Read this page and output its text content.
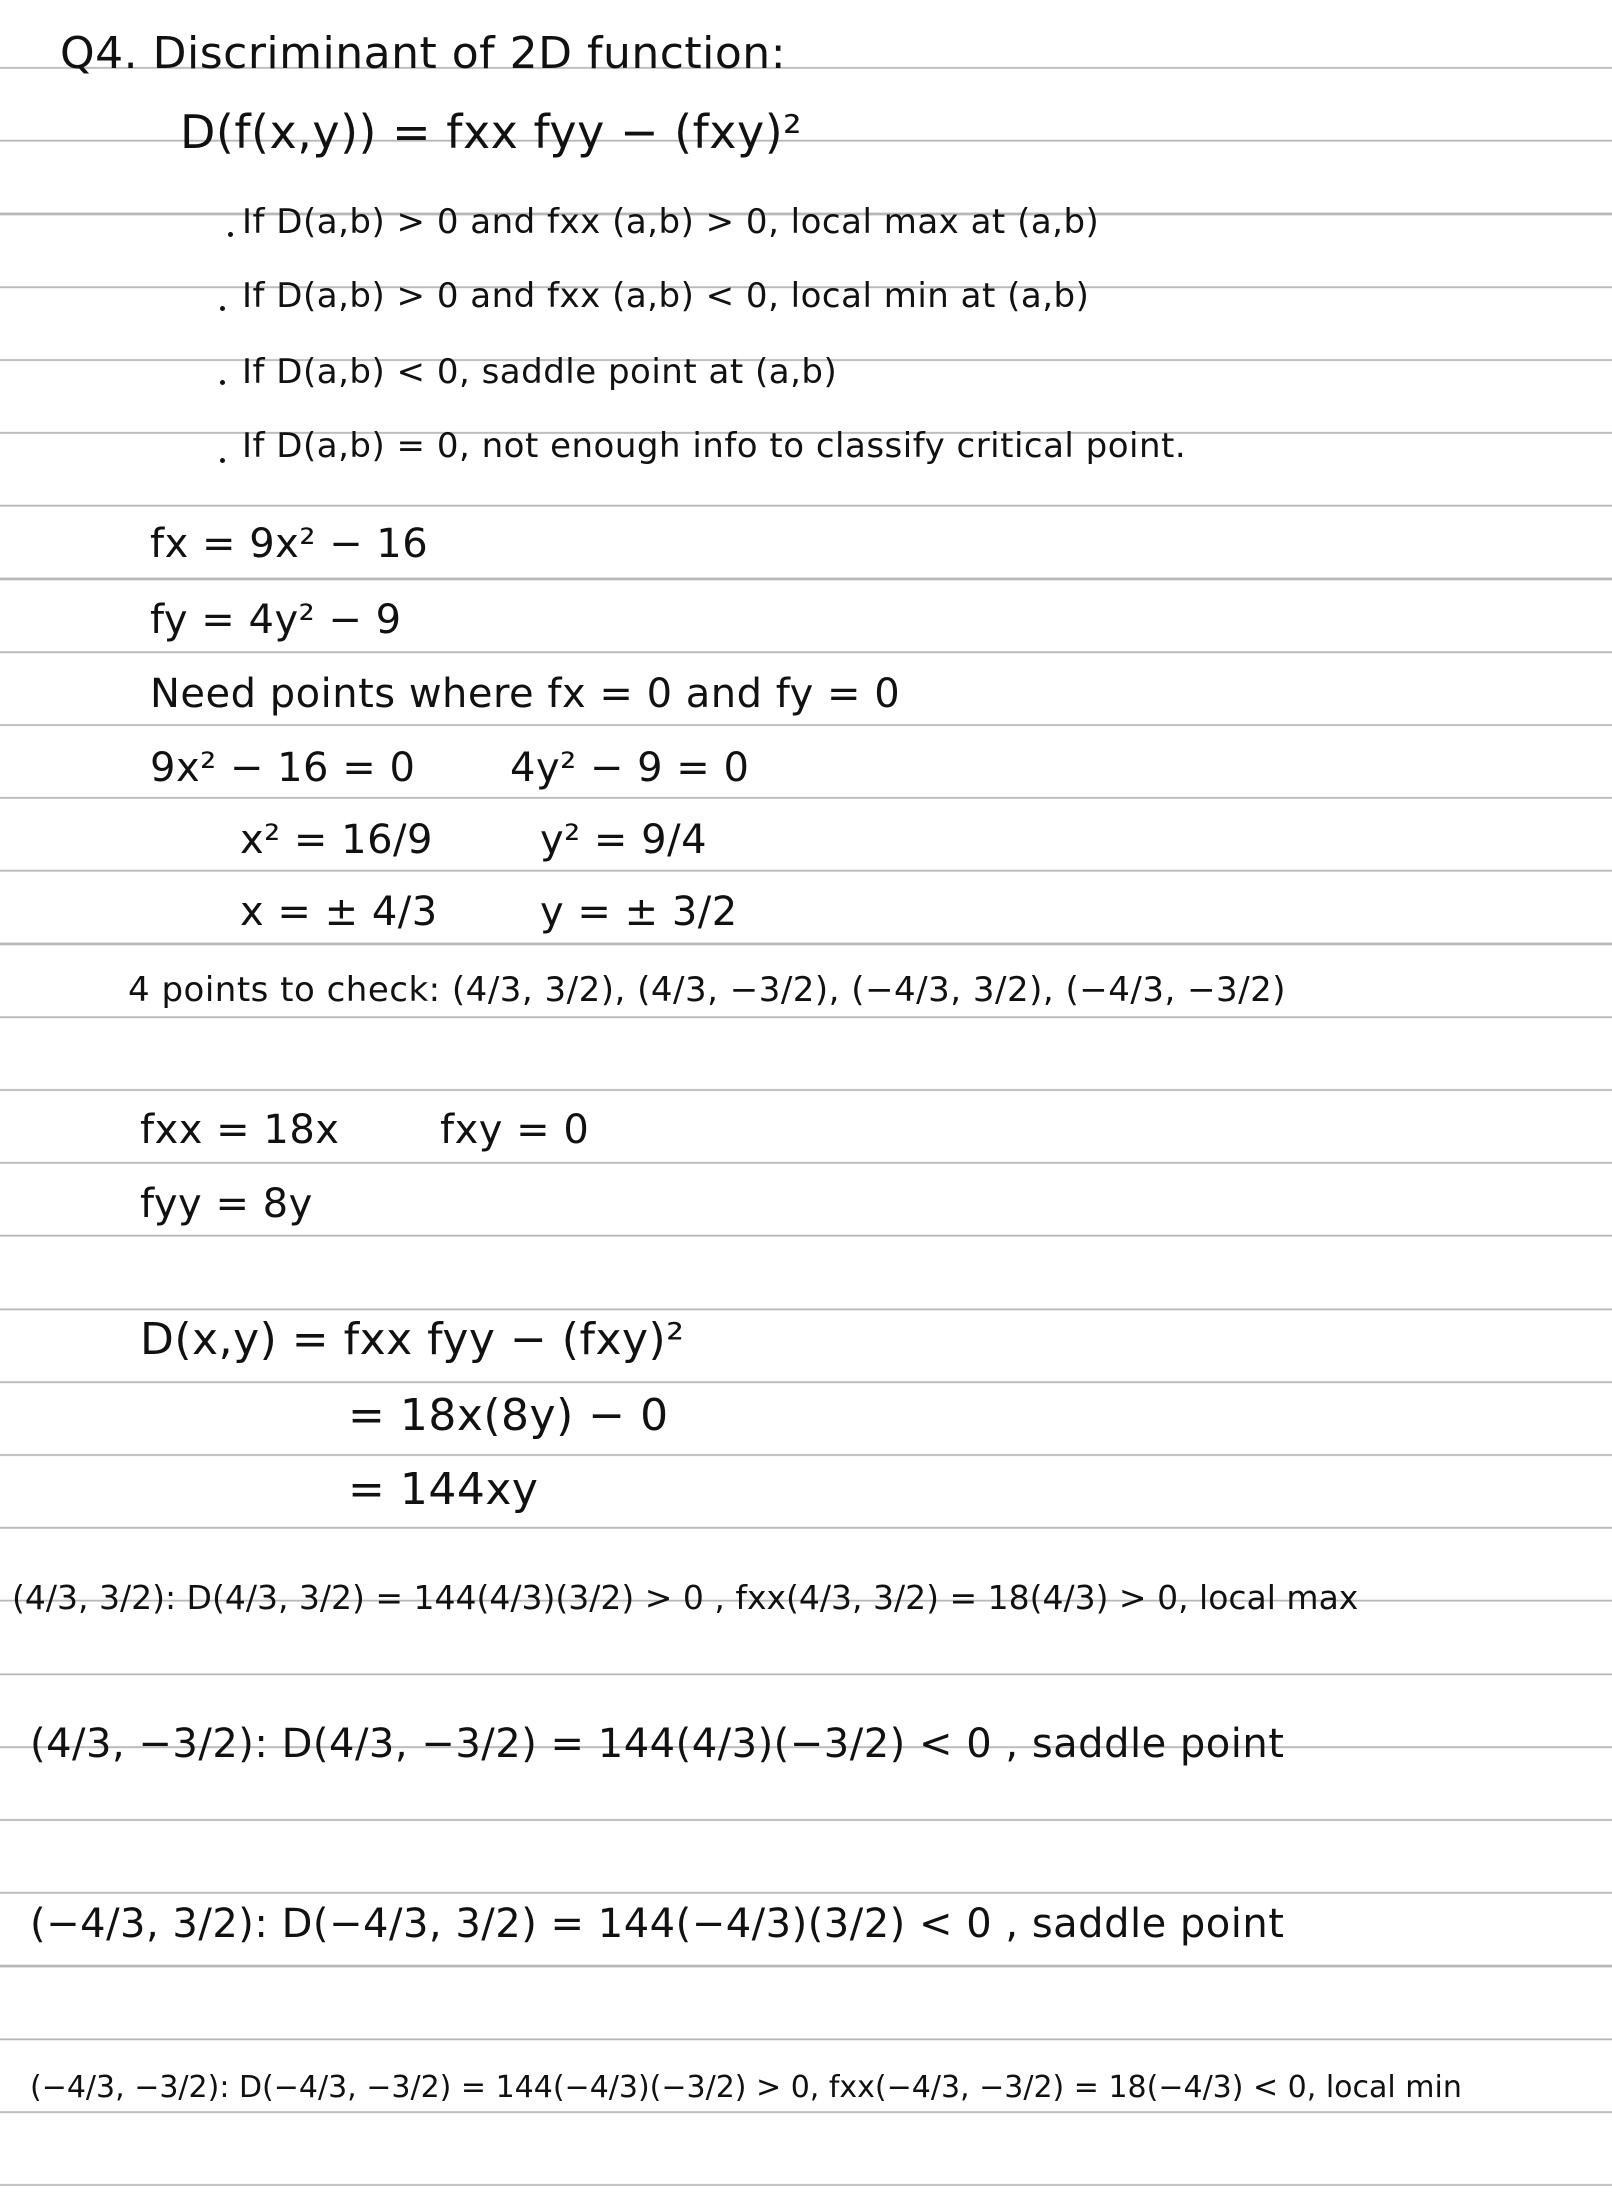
Q4. Discriminant of 2D function:
D(f(x,y)) = fxx fyy − (fxy)²
If D(a,b) > 0 and fxx (a,b) > 0, local max at (a,b)
If D(a,b) > 0 and fxx (a,b) < 0, local min at (a,b)
If D(a,b) < 0, saddle point at (a,b)
If D(a,b) = 0, not enough info to classify critical point.
fx = 9x² − 16
fy = 4y² − 9
Need points where fx = 0 and fy = 0
9x² − 16 = 0 4y² − 9 = 0
x² = 16/9	y² = 9/4
x = ± 4/3	y = ± 3/2
4 points to check: (4/3, 3/2), (4/3, −3/2), (−4/3, 3/2), (−4/3, −3/2)
fxx = 18x	fxy = 0
fyy = 8y
D(x,y) = fxx fyy − (fxy)²
= 18x(8y) − 0
= 144xy
(4/3, 3/2): D(4/3, 3/2) = 144(4/3)(3/2) > 0 , fxx(4/3, 3/2) = 18(4/3) > 0, local max
(4/3, −3/2): D(4/3, −3/2) = 144(4/3)(−3/2) < 0 , saddle point
(−4/3, 3/2): D(−4/3, 3/2) = 144(−4/3)(3/2) < 0 , saddle point
(−4/3, −3/2): D(−4/3, −3/2) = 144(−4/3)(−3/2) > 0, fxx(−4/3, −3/2) = 18(−4/3) < 0, local min
